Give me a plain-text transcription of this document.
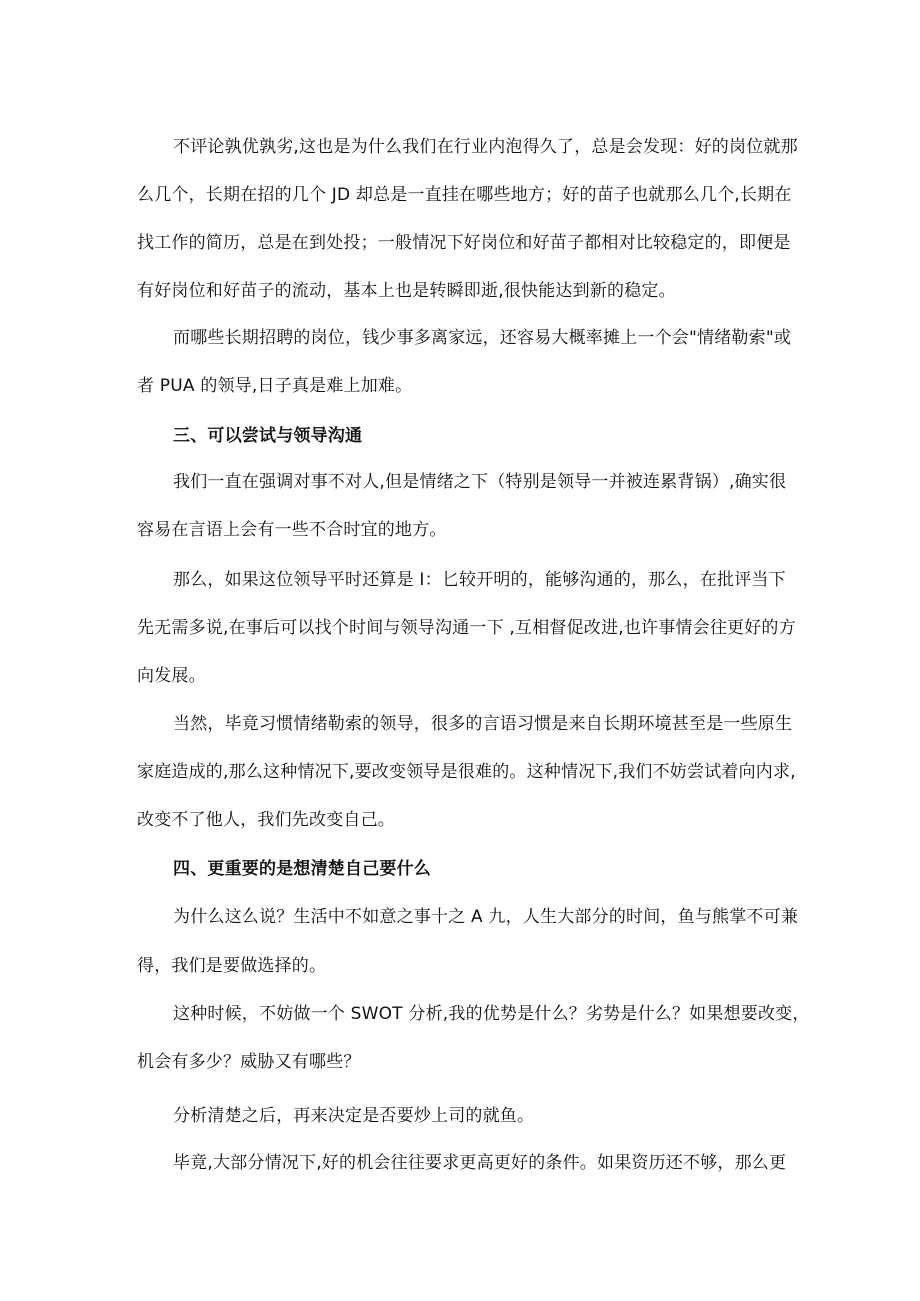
不评论孰优孰劣,这也是为什么我们在行业内泡得久了，总是会发现：好的岗位就那
么几个，长期在招的几个 JD 却总是一直挂在哪些地方；好的苗子也就那么几个,长期在
找工作的简历，总是在到处投；一般情况下好岗位和好苗子都相对比较稳定的，即便是
有好岗位和好苗子的流动，基本上也是转瞬即逝,很快能达到新的稳定。
而哪些长期招聘的岗位，钱少事多离家远，还容易大概率摊上一个会"情绪勒索"或
者 PUA 的领导,日子真是难上加难。
三、可以尝试与领导沟通
我们一直在强调对事不对人,但是情绪之下（特别是领导一并被连累背锅）,确实很
容易在言语上会有一些不合时宜的地方。
那么，如果这位领导平时还算是 I：匕较开明的，能够沟通的，那么，在批评当下
先无需多说,在事后可以找个时间与领导沟通一下 ,互相督促改进,也许事情会往更好的方
向发展。
当然，毕竟习惯情绪勒索的领导，很多的言语习惯是来自长期环境甚至是一些原生
家庭造成的,那么这种情况下,要改变领导是很难的。这种情况下,我们不妨尝试着向内求,
改变不了他人，我们先改变自己。
四、更重要的是想清楚自己要什么
为什么这么说？生活中不如意之事十之 A 九，人生大部分的时间，鱼与熊掌不可兼
得，我们是要做选择的。
这种时候，不妨做一个 SWOT 分析,我的优势是什么？劣势是什么？如果想要改变，
机会有多少？威胁又有哪些？
分析清楚之后，再来决定是否要炒上司的就鱼。
毕竟,大部分情况下,好的机会往往要求更高更好的条件。如果资历还不够，那么更
